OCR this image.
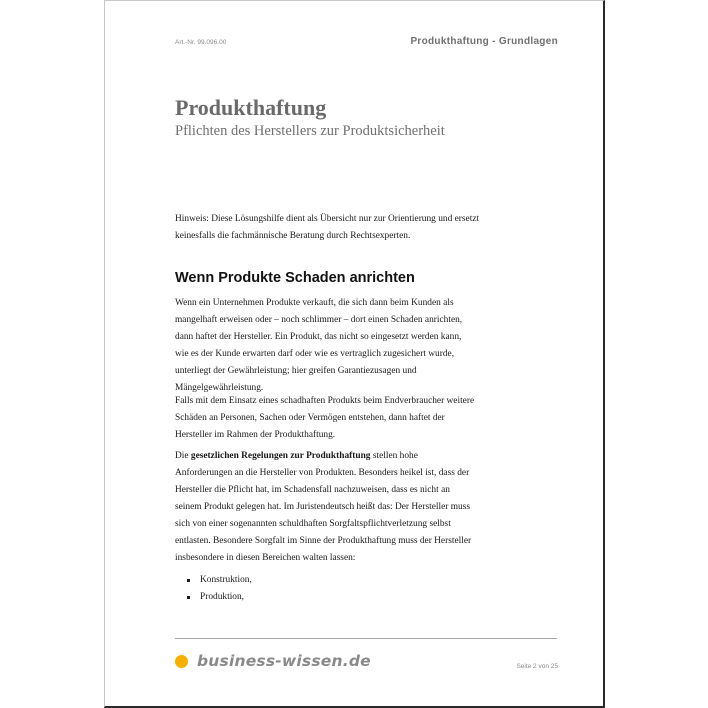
Art.-Nr. 99.096.00	Produkthaftung - Grundlagen
Produkthaftung
Pflichten des Herstellers zur Produktsicherheit
Hinweis: Diese Lösungshilfe dient als Übersicht nur zur Orientierung und ersetzt keinesfalls die fachmännische Beratung durch Rechtsexperten.
Wenn Produkte Schaden anrichten
Wenn ein Unternehmen Produkte verkauft, die sich dann beim Kunden als mangelhaft erweisen oder – noch schlimmer – dort einen Schaden anrichten, dann haftet der Hersteller. Ein Produkt, das nicht so eingesetzt werden kann, wie es der Kunde erwarten darf oder wie es vertraglich zugesichert wurde, unterliegt der Gewährleistung; hier greifen Garantiezusagen und Mängelgewährleistung.
Falls mit dem Einsatz eines schadhaften Produkts beim Endverbraucher weitere Schäden an Personen, Sachen oder Vermögen entstehen, dann haftet der Hersteller im Rahmen der Produkthaftung.
Die gesetzlichen Regelungen zur Produkthaftung stellen hohe Anforderungen an die Hersteller von Produkten. Besonders heikel ist, dass der Hersteller die Pflicht hat, im Schadensfall nachzuweisen, dass es nicht an seinem Produkt gelegen hat. Im Juristendeutsch heißt das: Der Hersteller muss sich von einer sogenannten schuldhaften Sorgfaltspflichtverletzung selbst entlasten. Besondere Sorgfalt im Sinne der Produkthaftung muss der Hersteller insbesondere in diesen Bereichen walten lassen:
Konstruktion,
Produktion,
business-wissen.de	Seite 2 von 25
